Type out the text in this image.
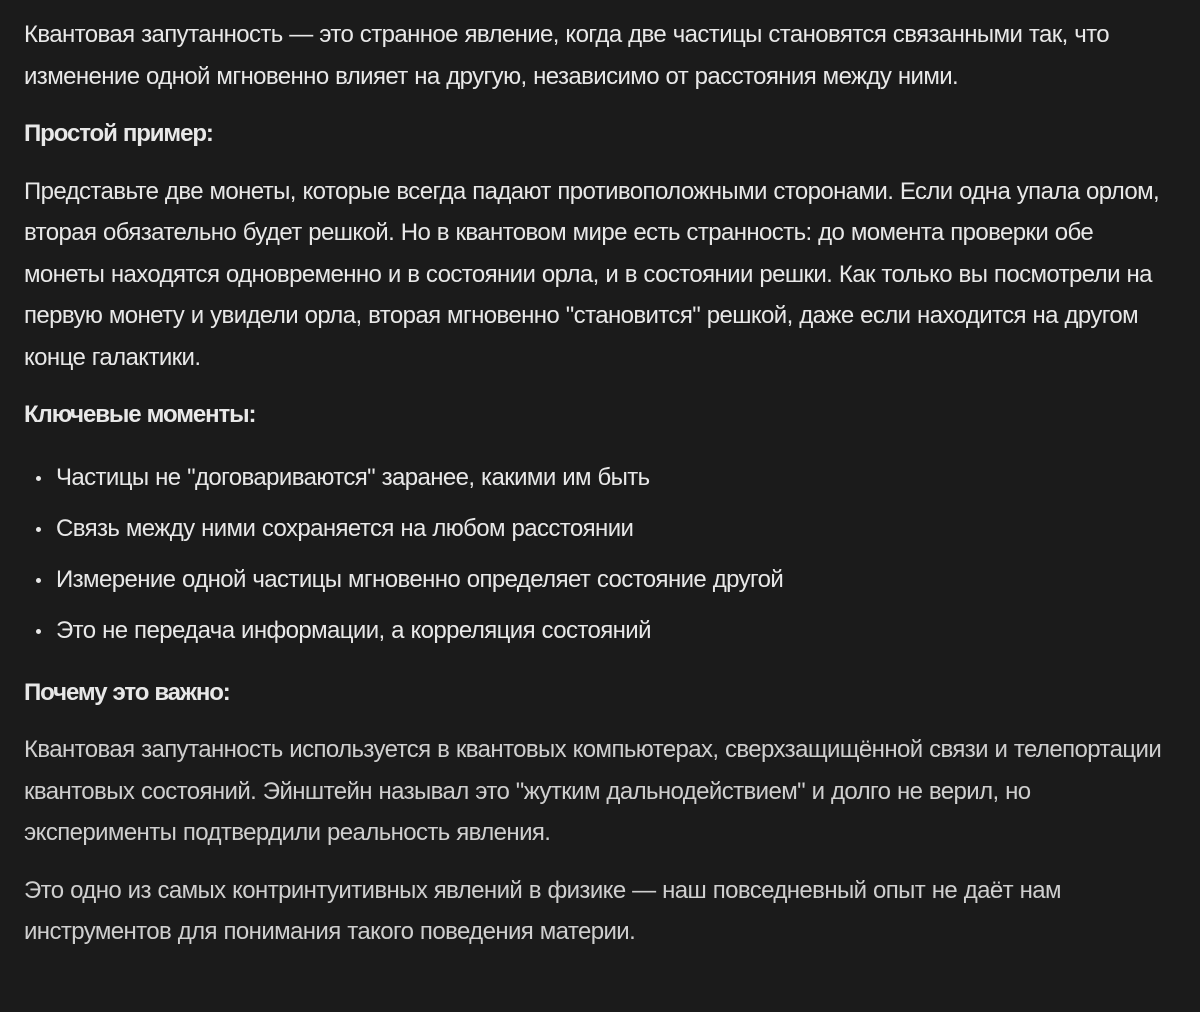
Квантовая запутанность — это странное явление, когда две частицы становятся связанными так, что изменение одной мгновенно влияет на другую, независимо от расстояния между ними.

Простой пример:

Представьте две монеты, которые всегда падают противоположными сторонами. Если одна упала орлом, вторая обязательно будет решкой. Но в квантовом мире есть странность: до момента проверки обе монеты находятся одновременно и в состоянии орла, и в состоянии решки. Как только вы посмотрели на первую монету и увидели орла, вторая мгновенно "становится" решкой, даже если находится на другом конце галактики.

Ключевые моменты:

Частицы не "договариваются" заранее, какими им быть
Связь между ними сохраняется на любом расстоянии
Измерение одной частицы мгновенно определяет состояние другой
Это не передача информации, а корреляция состояний

Почему это важно:

Квантовая запутанность используется в квантовых компьютерах, сверхзащищённой связи и телепортации квантовых состояний. Эйнштейн называл это "жутким дальнодействием" и долго не верил, но эксперименты подтвердили реальность явления.

Это одно из самых контринтуитивных явлений в физике — наш повседневный опыт не даёт нам инструментов для понимания такого поведения материи.
